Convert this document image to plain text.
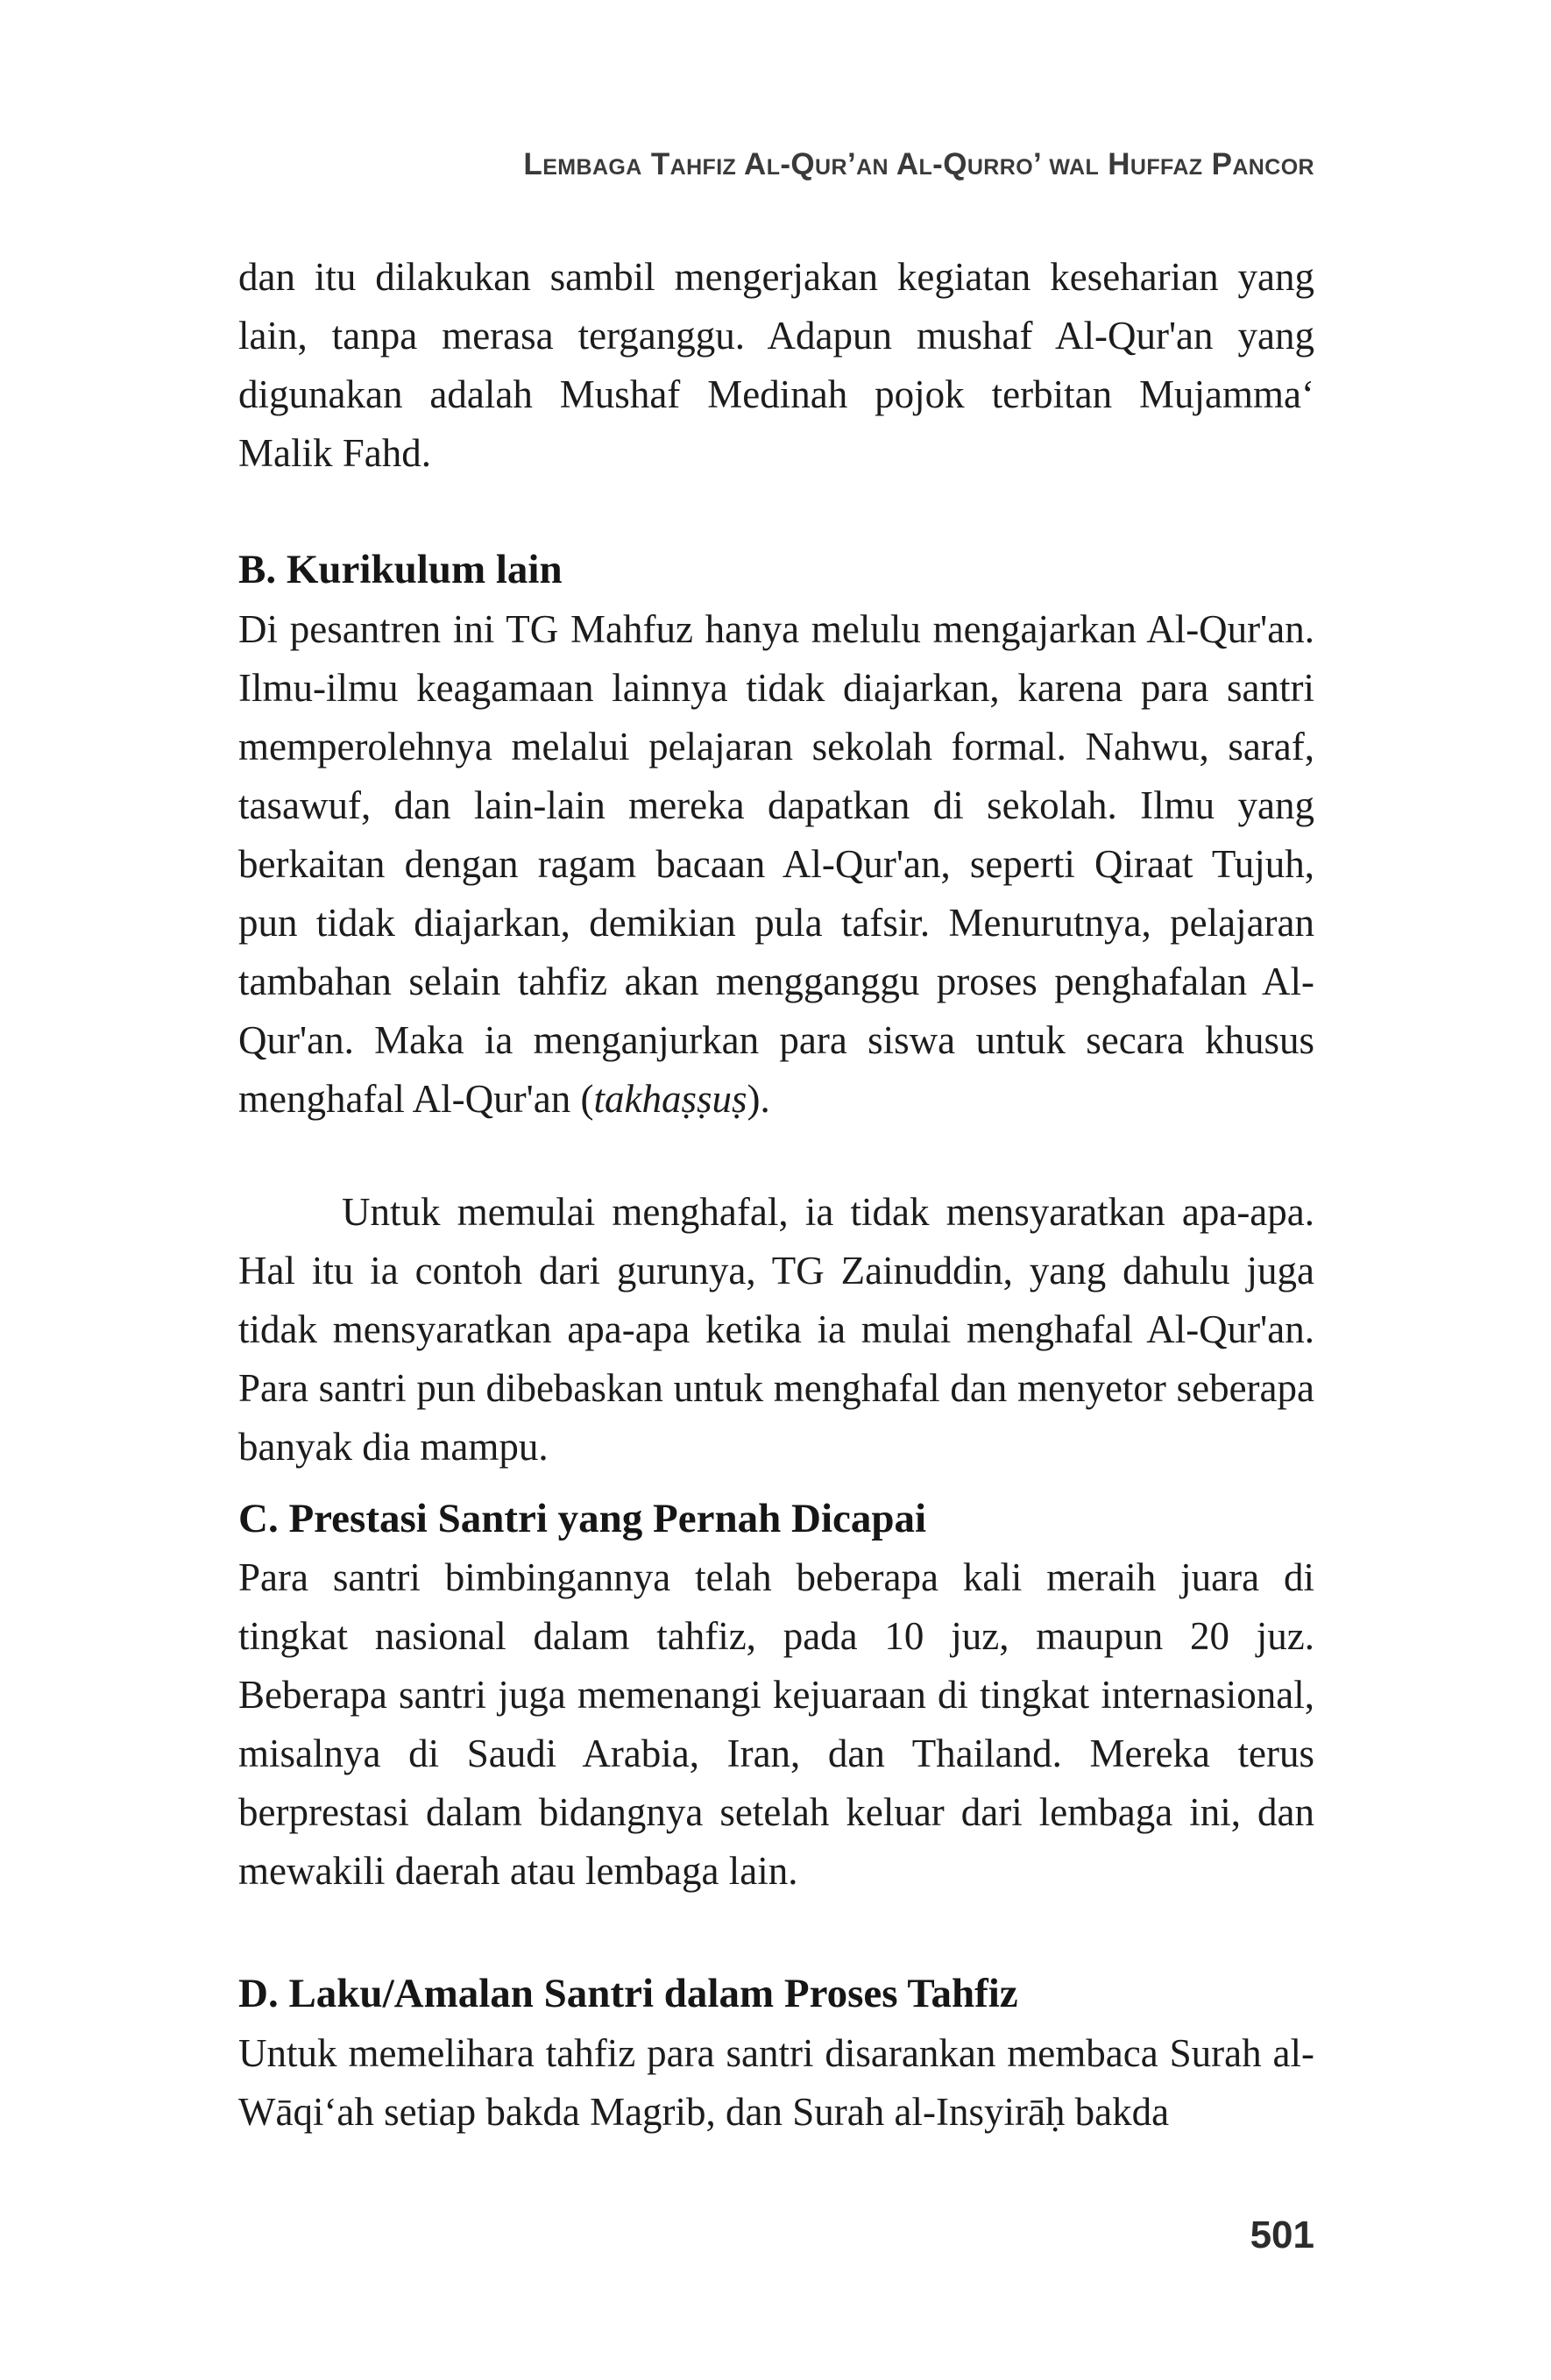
Lembaga Tahfiz Al-Qur’an Al-Qurro’ wal Huffaz Pancor

dan itu dilakukan sambil mengerjakan kegiatan keseharian yang lain, tanpa merasa terganggu. Adapun mushaf Al-Qur'an yang digunakan adalah Mushaf Medinah pojok terbitan Mujamma‘ Malik Fahd.

B. Kurikulum lain

Di pesantren ini TG Mahfuz hanya melulu mengajarkan Al-Qur'an. Ilmu-ilmu keagamaan lainnya tidak diajarkan, karena para santri memperolehnya melalui pelajaran sekolah formal. Nahwu, saraf, tasawuf, dan lain-lain mereka dapatkan di sekolah. Ilmu yang berkaitan dengan ragam bacaan Al-Qur'an, seperti Qiraat Tujuh, pun tidak diajarkan, demikian pula tafsir. Menurutnya, pelajaran tambahan selain tahfiz akan mengganggu proses penghafalan Al-Qur'an. Maka ia menganjurkan para siswa untuk secara khusus menghafal Al-Qur'an (takhaṣṣuṣ).

Untuk memulai menghafal, ia tidak mensyaratkan apa-apa. Hal itu ia contoh dari gurunya, TG Zainuddin, yang dahulu juga tidak mensyaratkan apa-apa ketika ia mulai menghafal Al-Qur'an. Para santri pun dibebaskan untuk menghafal dan menyetor seberapa banyak dia mampu.

C. Prestasi Santri yang Pernah Dicapai

Para santri bimbingannya telah beberapa kali meraih juara di tingkat nasional dalam tahfiz, pada 10 juz, maupun 20 juz. Beberapa santri juga memenangi kejuaraan di tingkat internasional, misalnya di Saudi Arabia, Iran, dan Thailand. Mereka terus berprestasi dalam bidangnya setelah keluar dari lembaga ini, dan mewakili daerah atau lembaga lain.

D. Laku/Amalan Santri dalam Proses Tahfiz

Untuk memelihara tahfiz para santri disarankan membaca Surah al-Wāqi‘ah setiap bakda Magrib, dan Surah al-Insyirāḥ bakda

501
